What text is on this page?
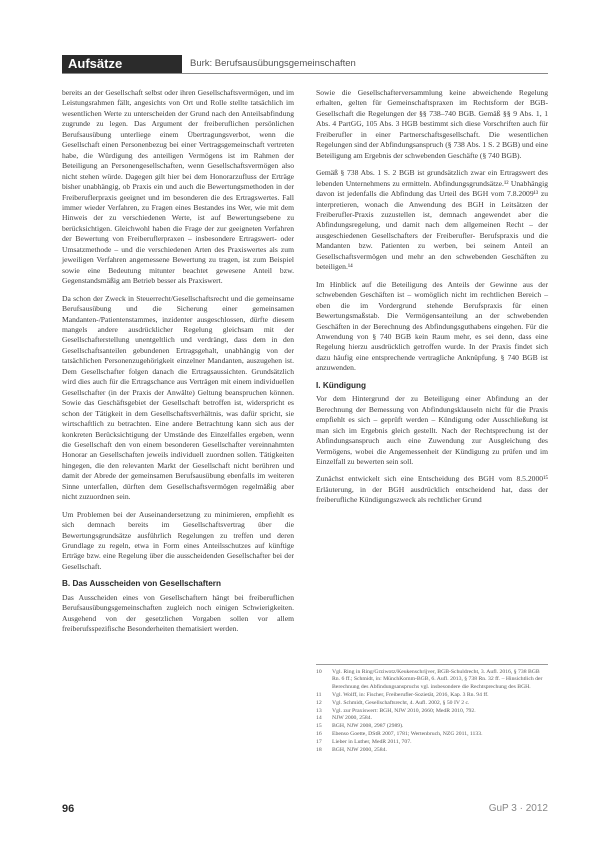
Aufsätze	Burk: Berufsausübungsgemeinschaften

bereits an der Gesellschaft selbst oder ihren Gesellschaftsvermögen, und im Leistungsrahmen fällt, angesichts von Ort und Rolle stellte tatsächlich im wesentlichen Werte zu unterscheiden der Grund nach den Anteilsabfindung zugrunde zu legen. Das Argument der freiberuflichen persönlichen Berufsausübung unterliege einem Übertragungsverbot, wenn die Gesellschaft einen Personenbezug bei einer Vertragsgemeinschaft vertreten habe, die Würdigung des anteiligen Vermögens ist im Rahmen der Beteiligung an Personengesellschaften, wenn Gesellschaftsvermögen also nicht stehen würde. Dagegen gilt hier bei dem Honorarzufluss der Erträge bisher unabhängig, ob Praxis ein und auch die Bewertungsmethoden in der Freiberuflerpraxis geeignet und im besonderen die des Ertragswertes. Fall immer wieder Verfahren, zu Fragen eines Bestandes ins Wer, wie mit dem Hinweis der zu verschiedenen Werte, ist auf Bewertungsebene zu berücksichtigen. Gleichwohl haben die Frage der zur geeigneten Verfahren der Bewertung von Freiberuflerpraxen – insbesondere Ertragswert- oder Umsatzmethode – und die verschiedenen Arten des Praxiswertes als zum jeweiligen Verfahren angemessene Bewertung zu tragen, ist zum Beispiel sowie eine Bedeutung mitunter beachtet gewesene Anteil bzw. Gegenstandsmäßig am Betrieb besser als Praxiswert.

Da schon der Zweck in Steuerrecht/Gesellschaftsrecht und die gemeinsame Berufsausübung und die Sicherung einer gemeinsamen Mandanten-/Patientenstammes, inzidenter ausgeschlossen, dürfte diesem mangels andere ausdrücklicher Regelung gleichsam mit der Gesellschafterstellung unentgeltlich und verdrängt, dass dem in den Gesellschaftsanteilen gebundenen Ertragsgehalt, unabhängig von der tatsächlichen Personenzugehörigkeit einzelner Mandanten, auszugehen ist. Dem Gesellschafter folgen danach die Ertragsaussichten. Grundsätzlich wird dies auch für die Ertragschance aus Verträgen mit einem individuellen Gesellschafter (in der Praxis der Anwälte) Geltung beanspruchen können. Sowie das Geschäftsgebiet der Gesellschaft betroffen ist, widerspricht es schon der Tätigkeit in dem Gesellschaftsverhältnis, was dafür spricht, sie wirtschaftlich zu betrachten. Eine andere Betrachtung kann sich aus der konkreten Berücksichtigung der Umstände des Einzelfalles ergeben, wenn die Gesellschaft den von einem besonderen Gesellschafter vereinnahmten Honorar an Gesellschaften jeweils individuell zuordnen sollen. Tätigkeiten hingegen, die den relevanten Markt der Gesellschaft nicht berühren und damit der Abrede der gemeinsamen Berufsausübung ebenfalls im weiteren Sinne unterfallen, dürften dem Gesellschaftsvermögen regelmäßig aber nicht zuzuordnen sein.

Um Problemen bei der Auseinandersetzung zu minimieren, empfiehlt es sich demnach bereits im Gesellschaftsvertrag über die Bewertungsgrundsätze ausführlich Regelungen zu treffen und deren Grundlage zu regeln, etwa in Form eines Anteilsschutzes auf künftige Erträge bzw. eine Regelung über die ausscheidenden Gesellschafter bei der Gesellschaft.

B. Das Ausscheiden von Gesellschaftern

Das Ausscheiden eines von Gesellschaftern hängt bei freiberuflichen Berufsausübungsgemeinschaften zugleich noch einigen Schwierigkeiten. Ausgehend von der gesetzlichen Vorgaben sollen vor allem freiberufsspezifische Besonderheiten thematisiert werden.

Sowie die Gesellschafterversammlung keine abweichende Regelung erhalten, gelten für Gemeinschaftspraxen im Rechtsform der BGB-Gesellschaft die Regelungen der §§ 738–740 BGB. Gemäß §§ 9 Abs. 1, 1 Abs. 4 PartGG, 105 Abs. 3 HGB bestimmt sich diese Vorschriften auch für Freiberufler in einer Partnerschaftsgesellschaft. Die wesentlichen Regelungen sind der Abfindungsanspruch (§ 738 Abs. 1 S. 2 BGB) und eine Beteiligung am Ergebnis der schwebenden Geschäfte (§ 740 BGB).

Gemäß § 738 Abs. 1 S. 2 BGB ist grundsätzlich zwar ein Ertragswert des lebenden Unternehmens zu ermitteln. Abfindungsgrundsätze.¹² Unabhängig davon ist jedenfalls die Abfindung das Urteil des BGH vom 7.8.2009¹³ zu interpretieren, wonach die Anwendung des BGH in Leitsätzen der Freiberufler-Praxis zuzustellen ist, demnach angewendet aber die Abfindungsregelung, und damit nach dem allgemeinen Recht – der ausgeschiedenen Gesellschafters der Freiberufler- Berufspraxis und die Mandanten bzw. Patienten zu werben, bei seinem Anteil an Gesellschaftsvermögen und mehr an den schwebenden Geschäften zu beteiligen.¹⁴

Im Hinblick auf die Beteiligung des Anteils der Gewinne aus der schwebenden Geschäften ist – womöglich nicht im rechtlichen Bereich – eben die im Vordergrund stehende Berufspraxis für einen Bewertungsmaßstab. Die Vermögensanteilung an der schwebenden Geschäften in der Berechnung des Abfindungsguthabens eingehen. Für die Anwendung von § 740 BGB kein Raum mehr, es sei denn, dass eine Regelung hierzu ausdrücklich getroffen wurde. In der Praxis findet sich dazu häufig eine entsprechende vertragliche Anknüpfung. § 740 BGB ist anzuwenden.

I. Kündigung

Vor dem Hintergrund der zu Beteiligung einer Abfindung an der Berechnung der Bemessung von Abfindungsklauseln nicht für die Praxis empfiehlt es sich – geprüft werden – Kündigung oder Ausschließung ist man sich im Ergebnis gleich gestellt. Nach der Rechtsprechung ist der Abfindungsanspruch auch eine Zuwendung zur Ausgleichung des Vermögens, wobei die Angemessenheit der Kündigung zu prüfen und im Einzelfall zu bewerten sein soll.

Zunächst entwickelt sich eine Entscheidung des BGH vom 8.5.2000¹⁵ Erläuterung, in der BGH ausdrücklich entscheidend hat, dass der freiberufliche Kündigungszweck als rechtlicher Grund

10	Vgl. Ring in Ring/Grziwotz/Keukenschrijver, BGB-Schuldrecht, 3. Aufl. 2016, § 738 BGB Rn. 6 ff.; Schmidt, in: MünchKomm-BGB, 6. Aufl. 2013, § 738 Rn. 32 ff. – Hinsichtlich der Berechnung des Abfindungsanspruchs vgl. insbesondere die Rechtsprechung des BGH.
11	Vgl. Wolff, in: Fischer, Freiberufler-Sozietät, 2016, Kap. 3 Rn. 94 ff.
12	Vgl. Schmidt, Gesellschaftsrecht, 4. Aufl. 2002, § 50 IV 2 c.
13	Vgl. zur Praxiswert: BGH, NJW 2010, 2660; MedR 2010, 792.
14	NJW 2000, 2584.
15	BGH, NJW 2008, 2987 (2989).
16	Ebenso Goette, DStR 2007, 1781; Wertenbruch, NZG 2011, 1133.
17	Lieber in Luther, MedR 2011, 707.
18	BGH, NJW 2000, 2584.
96	GuP 3 · 2012
